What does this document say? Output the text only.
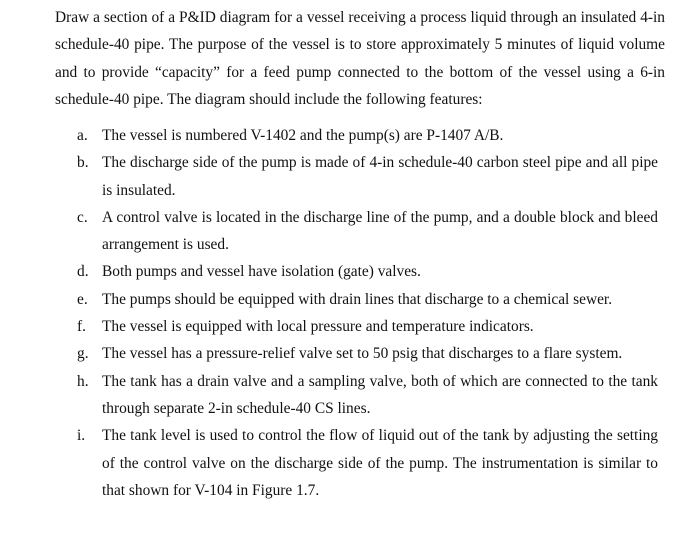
Draw a section of a P&ID diagram for a vessel receiving a process liquid through an insulated 4-in schedule-40 pipe. The purpose of the vessel is to store approximately 5 minutes of liquid volume and to provide “capacity” for a feed pump connected to the bottom of the vessel using a 6-in schedule-40 pipe. The diagram should include the following features:

a. The vessel is numbered V-1402 and the pump(s) are P-1407 A/B.
b. The discharge side of the pump is made of 4-in schedule-40 carbon steel pipe and all pipe is insulated.
c. A control valve is located in the discharge line of the pump, and a double block and bleed arrangement is used.
d. Both pumps and vessel have isolation (gate) valves.
e. The pumps should be equipped with drain lines that discharge to a chemical sewer.
f. The vessel is equipped with local pressure and temperature indicators.
g. The vessel has a pressure-relief valve set to 50 psig that discharges to a flare system.
h. The tank has a drain valve and a sampling valve, both of which are connected to the tank through separate 2-in schedule-40 CS lines.
i. The tank level is used to control the flow of liquid out of the tank by adjusting the setting of the control valve on the discharge side of the pump. The instrumentation is similar to that shown for V-104 in Figure 1.7.
